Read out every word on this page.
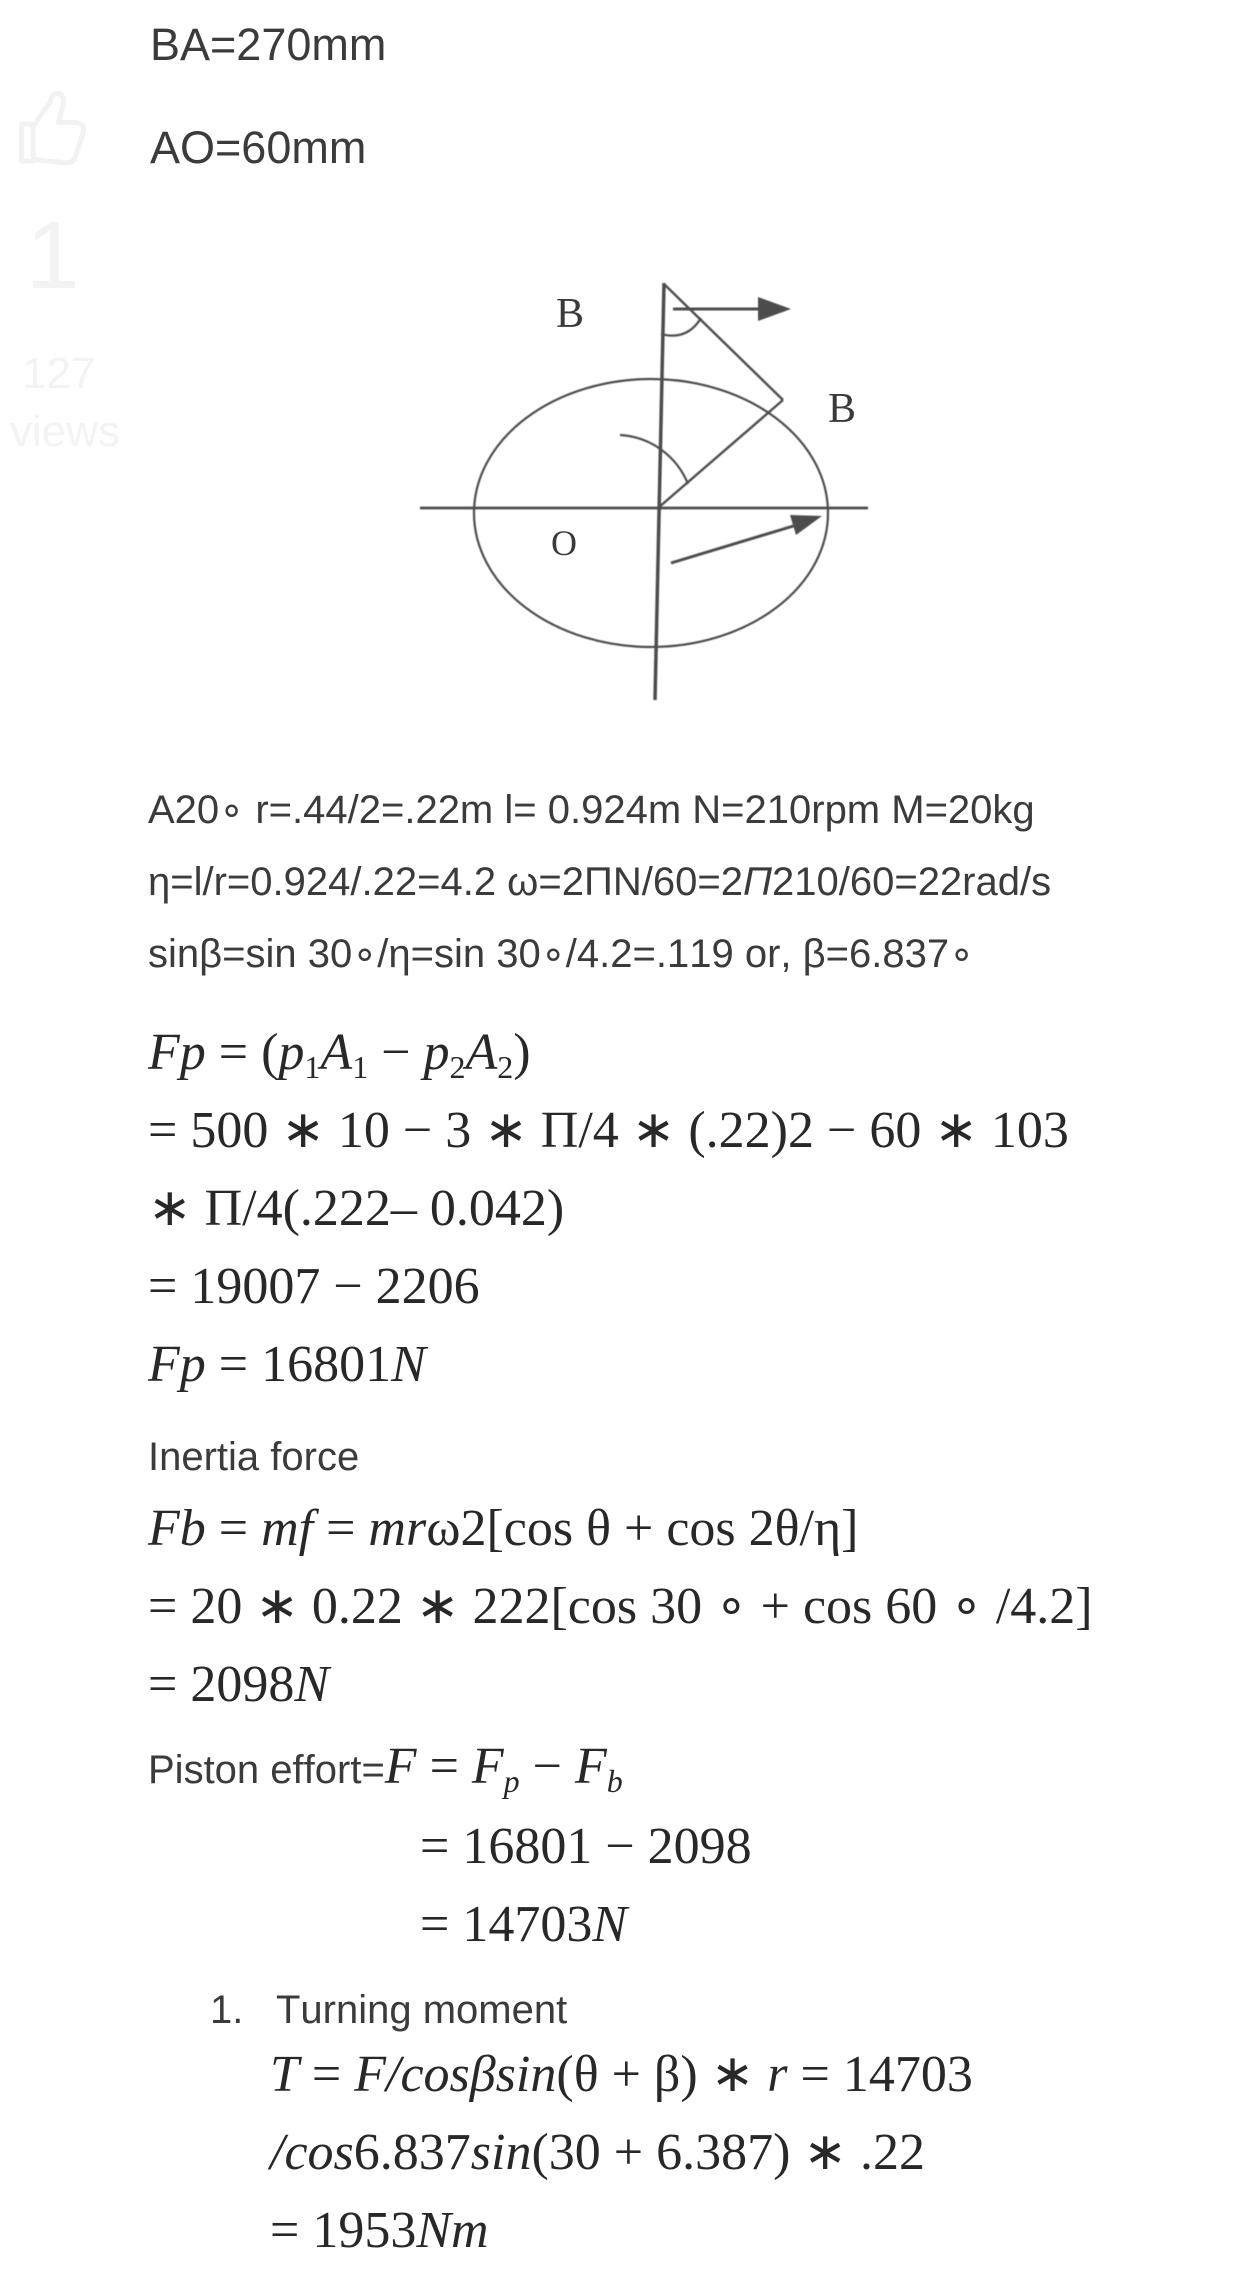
1
127
views
B
B
O
BA=270mm
AO=60mm
A20∘ r=.44/2=.22m l= 0.924m N=210rpm M=20kg
η=l/r=0.924/.22=4.2 ω=2ΠN/60=2Π210/60=22rad/s
sinβ=sin 30∘/η=sin 30∘/4.2=.119 or, β=6.837∘
$Fp = (p_1A_1 - p_2A_2)$
= 500 ∗ 10 − 3 ∗ Π/4 ∗ (.22)2 − 60 ∗ 103
∗ Π/4(.222– 0.042)
= 19007 − 2206
Fp = 16801N
Inertia force
Fb = mf = mrω2[cos θ + cos 2θ/η]
= 20 ∗ 0.22 ∗ 222[cos 30 ∘ + cos 60 ∘ /4.2]
= 2098N
Piston effort=F = $F_p - F_b$
= 16801 − 2098
= 14703N
1. Turning moment
T = F/cosβsin(θ + β) ∗ r = 14703
/cos6.837sin(30 + 6.387) ∗ .22
= 1953Nm
